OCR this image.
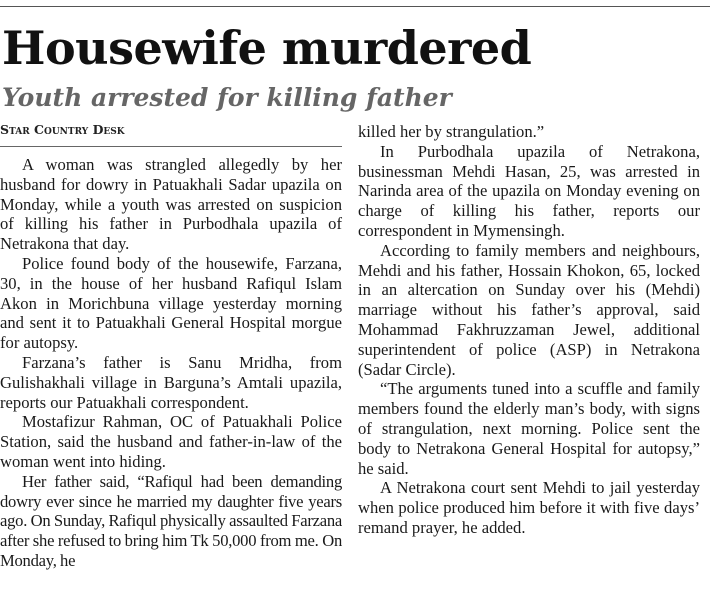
Housewife murdered
Youth arrested for killing father
Star Country Desk

A woman was strangled allegedly by her husband for dowry in Patuakhali Sadar upazila on Monday, while a youth was arrested on suspicion of killing his father in Purbodhala upazila of Netrakona that day.

Police found body of the housewife, Farzana, 30, in the house of her husband Rafiqul Islam Akon in Morichbuna village yesterday morning and sent it to Patuakhali General Hospital morgue for autopsy.

Farzana’s father is Sanu Mridha, from Gulishakhali village in Barguna’s Amtali upazila, reports our Patuakhali correspondent.

Mostafizur Rahman, OC of Patuakhali Police Station, said the husband and father-in-law of the woman went into hiding.

Her father said, “Rafiqul had been demanding dowry ever since he married my daughter five years ago. On Sunday, Rafiqul physically assaulted Farzana after she refused to bring him Tk 50,000 from me. On Monday, he

killed her by strangulation.”

In Purbodhala upazila of Netrakona, businessman Mehdi Hasan, 25, was arrested in Narinda area of the upazila on Monday evening on charge of killing his father, reports our correspondent in Mymensingh.

According to family members and neighbours, Mehdi and his father, Hossain Khokon, 65, locked in an altercation on Sunday over his (Mehdi) marriage without his father’s approval, said Mohammad Fakhruzzaman Jewel, additional superintendent of police (ASP) in Netrakona (Sadar Circle).

“The arguments tuned into a scuffle and family members found the elderly man’s body, with signs of strangulation, next morning. Police sent the body to Netrakona General Hospital for autopsy,” he said.

A Netrakona court sent Mehdi to jail yesterday when police produced him before it with five days’ remand prayer, he added.
